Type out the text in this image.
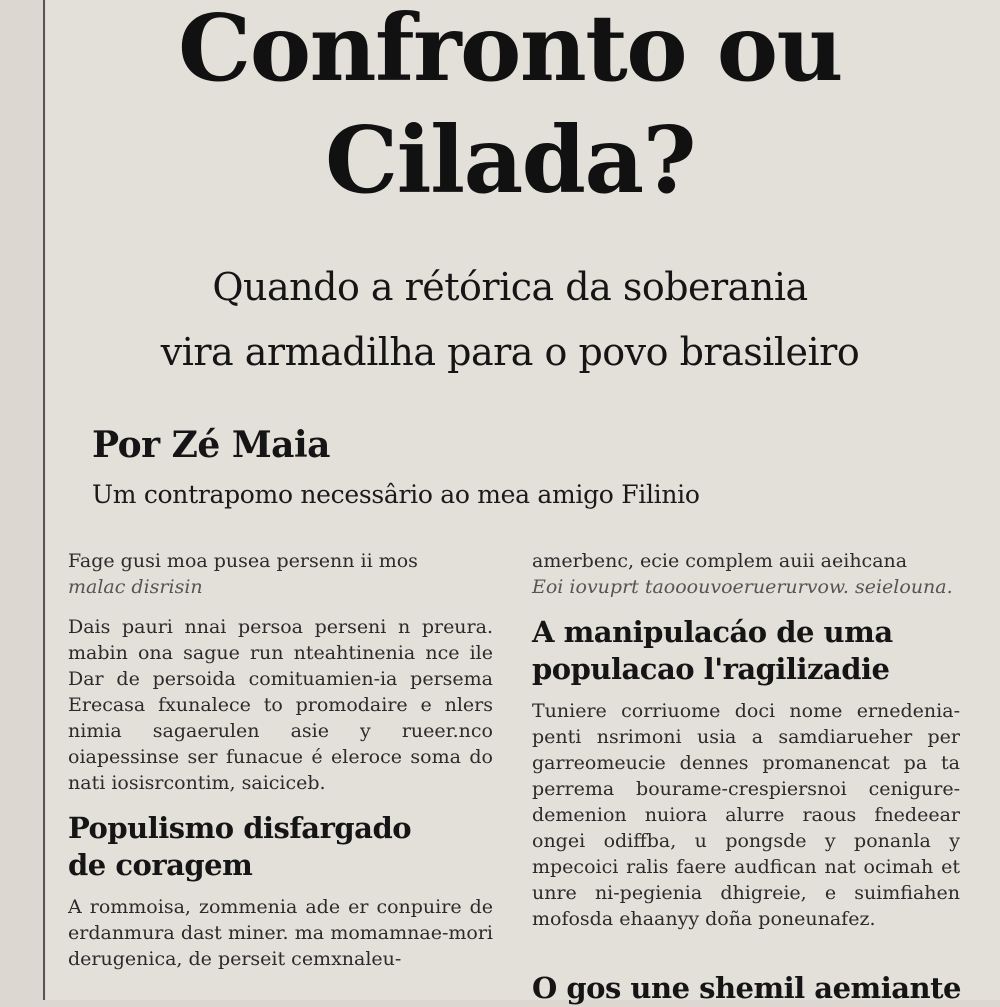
Confronto ou
Cilada?
Quando a rétórica da soberania
vira armadilha para o povo brasileiro

Por Zé Maia

Um contrapomo necessârio ao mea amigo Filinio

Fage gusi moa pusea persenn ii mos
malac disrisin

Dais pauri nnai persoa perseni n preura. mabin ona sague run nteahtinenia nce ile Dar de persoida comituamien-ia persema Erecasa fxunalece to promodaire e nlers nimia sagaerulen asie y rueer.nco oiapessinse ser funacue é eleroce soma do nati iosisrcontim, saiciceb.

Populismo disfargado
de coragem

A rommoisa, zommenia ade er conpuire de erdanmura dast miner. ma momamnae-mori derugenica, de perseit cemxnaleu-

amerbenc, ecie complem auii aeihcana
Eoi iovuprt taooouvoeruerurvow. seielouna.

A manipulacáo de uma
populacao l'ragilizadie

Tuniere corriuome doci nome ernedenia-penti nsrimoni usia a samdiarueher per garreomeucie dennes promanencat pa ta perrema bourame-crespiersnoi cenigure-demenion nuiora alurre raous fnedeear ongei odiffba, u pongsde y ponanla y mpecoici ralis faere audfican nat ocimah et unre ni-pegienia dhigreie, e suimfiahen mofosda ehaanyy doña poneunafez.

O gos une shemil aemiante
